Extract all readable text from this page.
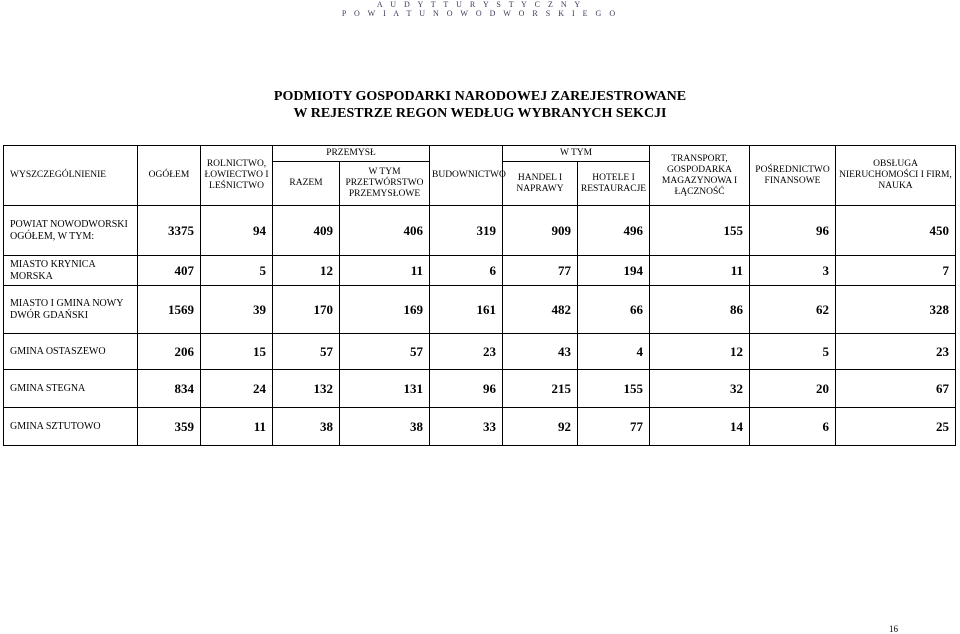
A U D Y T T U R Y S T Y C Z N Y
P O W I A T U N O W O D W O R S K I E G O
PODMIOTY GOSPODARKI NARODOWEJ ZAREJESTROWANE
W REJESTRZE REGON WEDŁUG WYBRANYCH SEKCJI
WYSZCZEGÓLNIENIE	OGÓŁEM	ROLNICTWO, ŁOWIECTWO I LEŚNICTWO	PRZEMYSŁ		BUDOWNICTWO	W TYM		TRANSPORT, GOSPODARKA MAGAZYNOWA I ŁĄCZNOŚĆ	POŚREDNICTWO FINANSOWE	OBSŁUGA NIERUCHOMOŚCI I FIRM, NAUKA
			RAZEM	W TYM PRZETWÓRSTWO PRZEMYSŁOWE		HANDEL I NAPRAWY	HOTELE I RESTAURACJE			
POWIAT NOWODWORSKI OGÓŁEM, W TYM:	3375	94	409	406	319	909	496	155	96	450
MIASTO KRYNICA MORSKA	407	5	12	11	6	77	194	11	3	7
MIASTO I GMINA NOWY DWÓR GDAŃSKI	1569	39	170	169	161	482	66	86	62	328
GMINA OSTASZEWO	206	15	57	57	23	43	4	12	5	23
GMINA STEGNA	834	24	132	131	96	215	155	32	20	67
GMINA SZTUTOWO	359	11	38	38	33	92	77	14	6	25
16
